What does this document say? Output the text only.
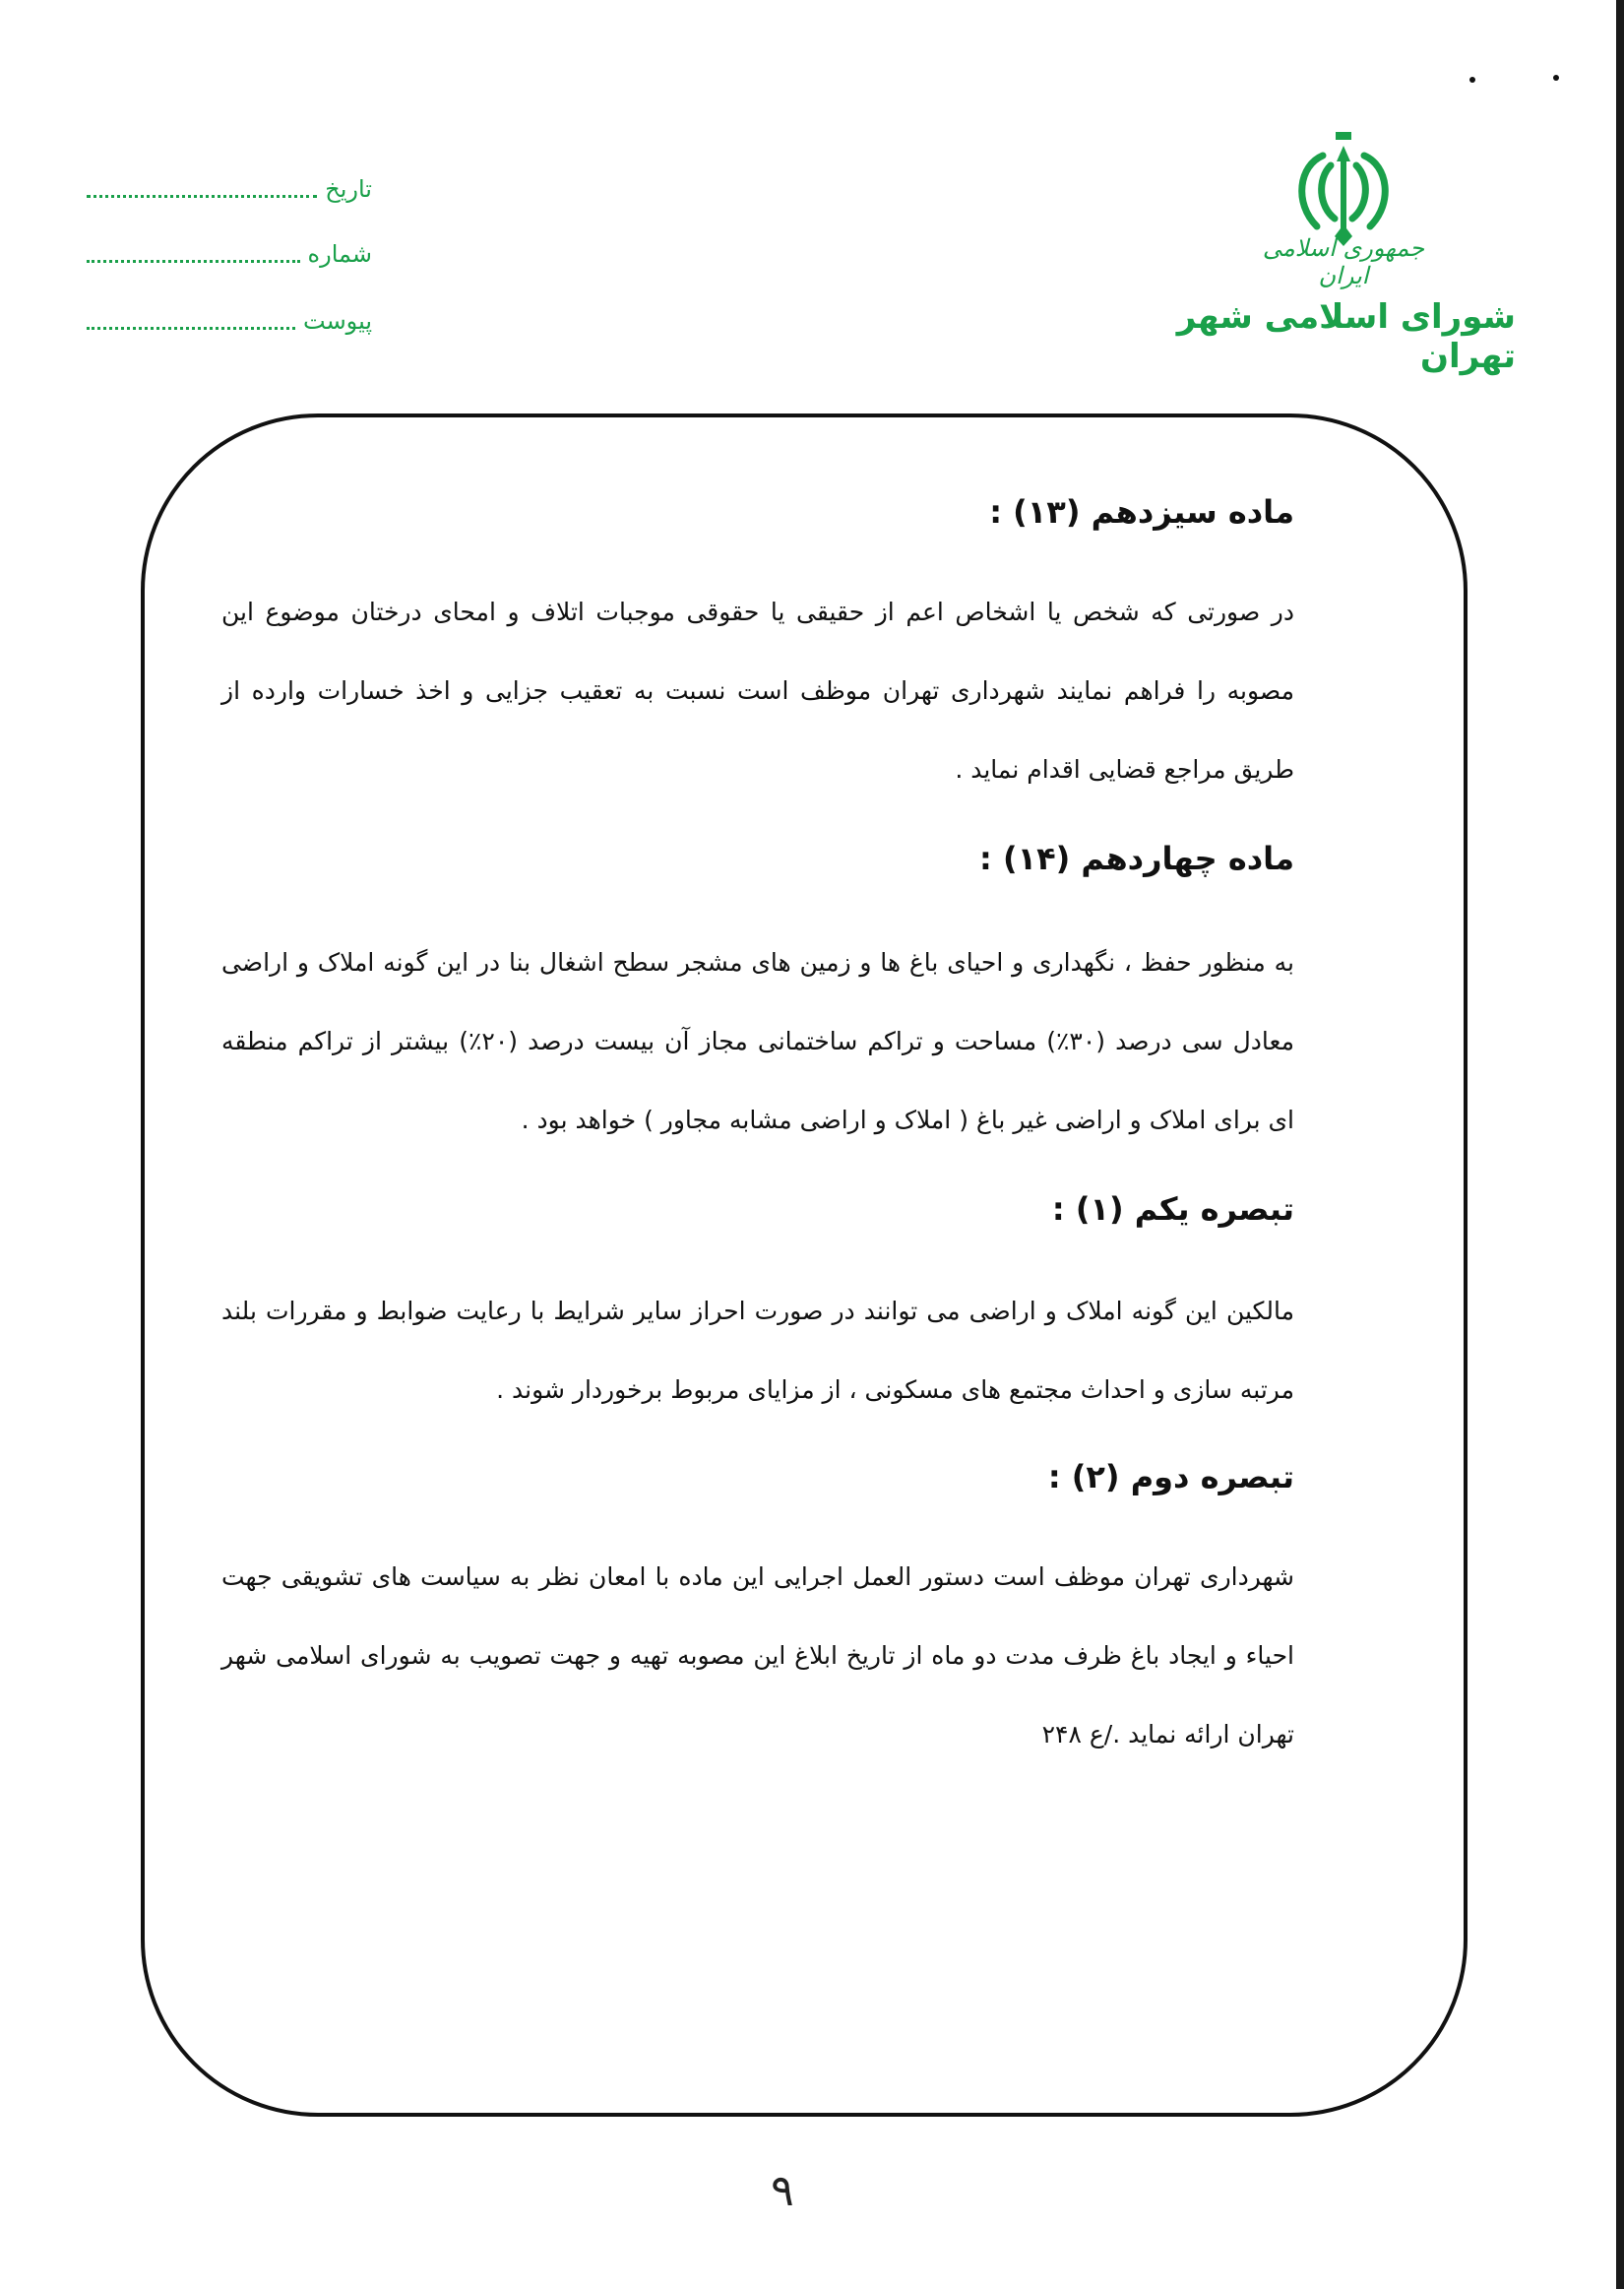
جمهوری اسلامی ایران
شورای اسلامی شهر تهران
تاریخ
شماره
پیوست
ماده سیزدهم (۱۳) :

در صورتی که شخص یا اشخاص اعم از حقیقی یا حقوقی موجبات اتلاف و امحای درختان موضوع این مصوبه را فراهم نمایند شهرداری تهران موظف است نسبت به تعقیب جزایی و اخذ خسارات وارده از طریق مراجع قضایی اقدام نماید .

ماده چهاردهم (۱۴) :

به منظور حفظ ، نگهداری و احیای باغ ها و زمین های مشجر سطح اشغال بنا در این گونه املاک و اراضی معادل سی درصد (۳۰٪) مساحت و تراکم ساختمانی مجاز آن بیست درصد (۲۰٪) بیشتر از تراکم منطقه ای برای املاک و اراضی غیر باغ ( املاک و اراضی مشابه مجاور ) خواهد بود .

تبصره یکم (۱) :

مالکین این گونه املاک و اراضی می توانند در صورت احراز سایر شرایط با رعایت ضوابط و مقررات بلند مرتبه سازی و احداث مجتمع های مسکونی ، از مزایای مربوط برخوردار شوند .

تبصره دوم (۲) :

شهرداری تهران موظف است دستور العمل اجرایی این ماده با امعان نظر به سیاست های تشویقی جهت احیاء و ایجاد باغ ظرف مدت دو ماه از تاریخ ابلاغ این مصوبه تهیه و جهت تصویب به شورای اسلامی شهر تهران ارائه نماید ./ع ۲۴۸

۹
